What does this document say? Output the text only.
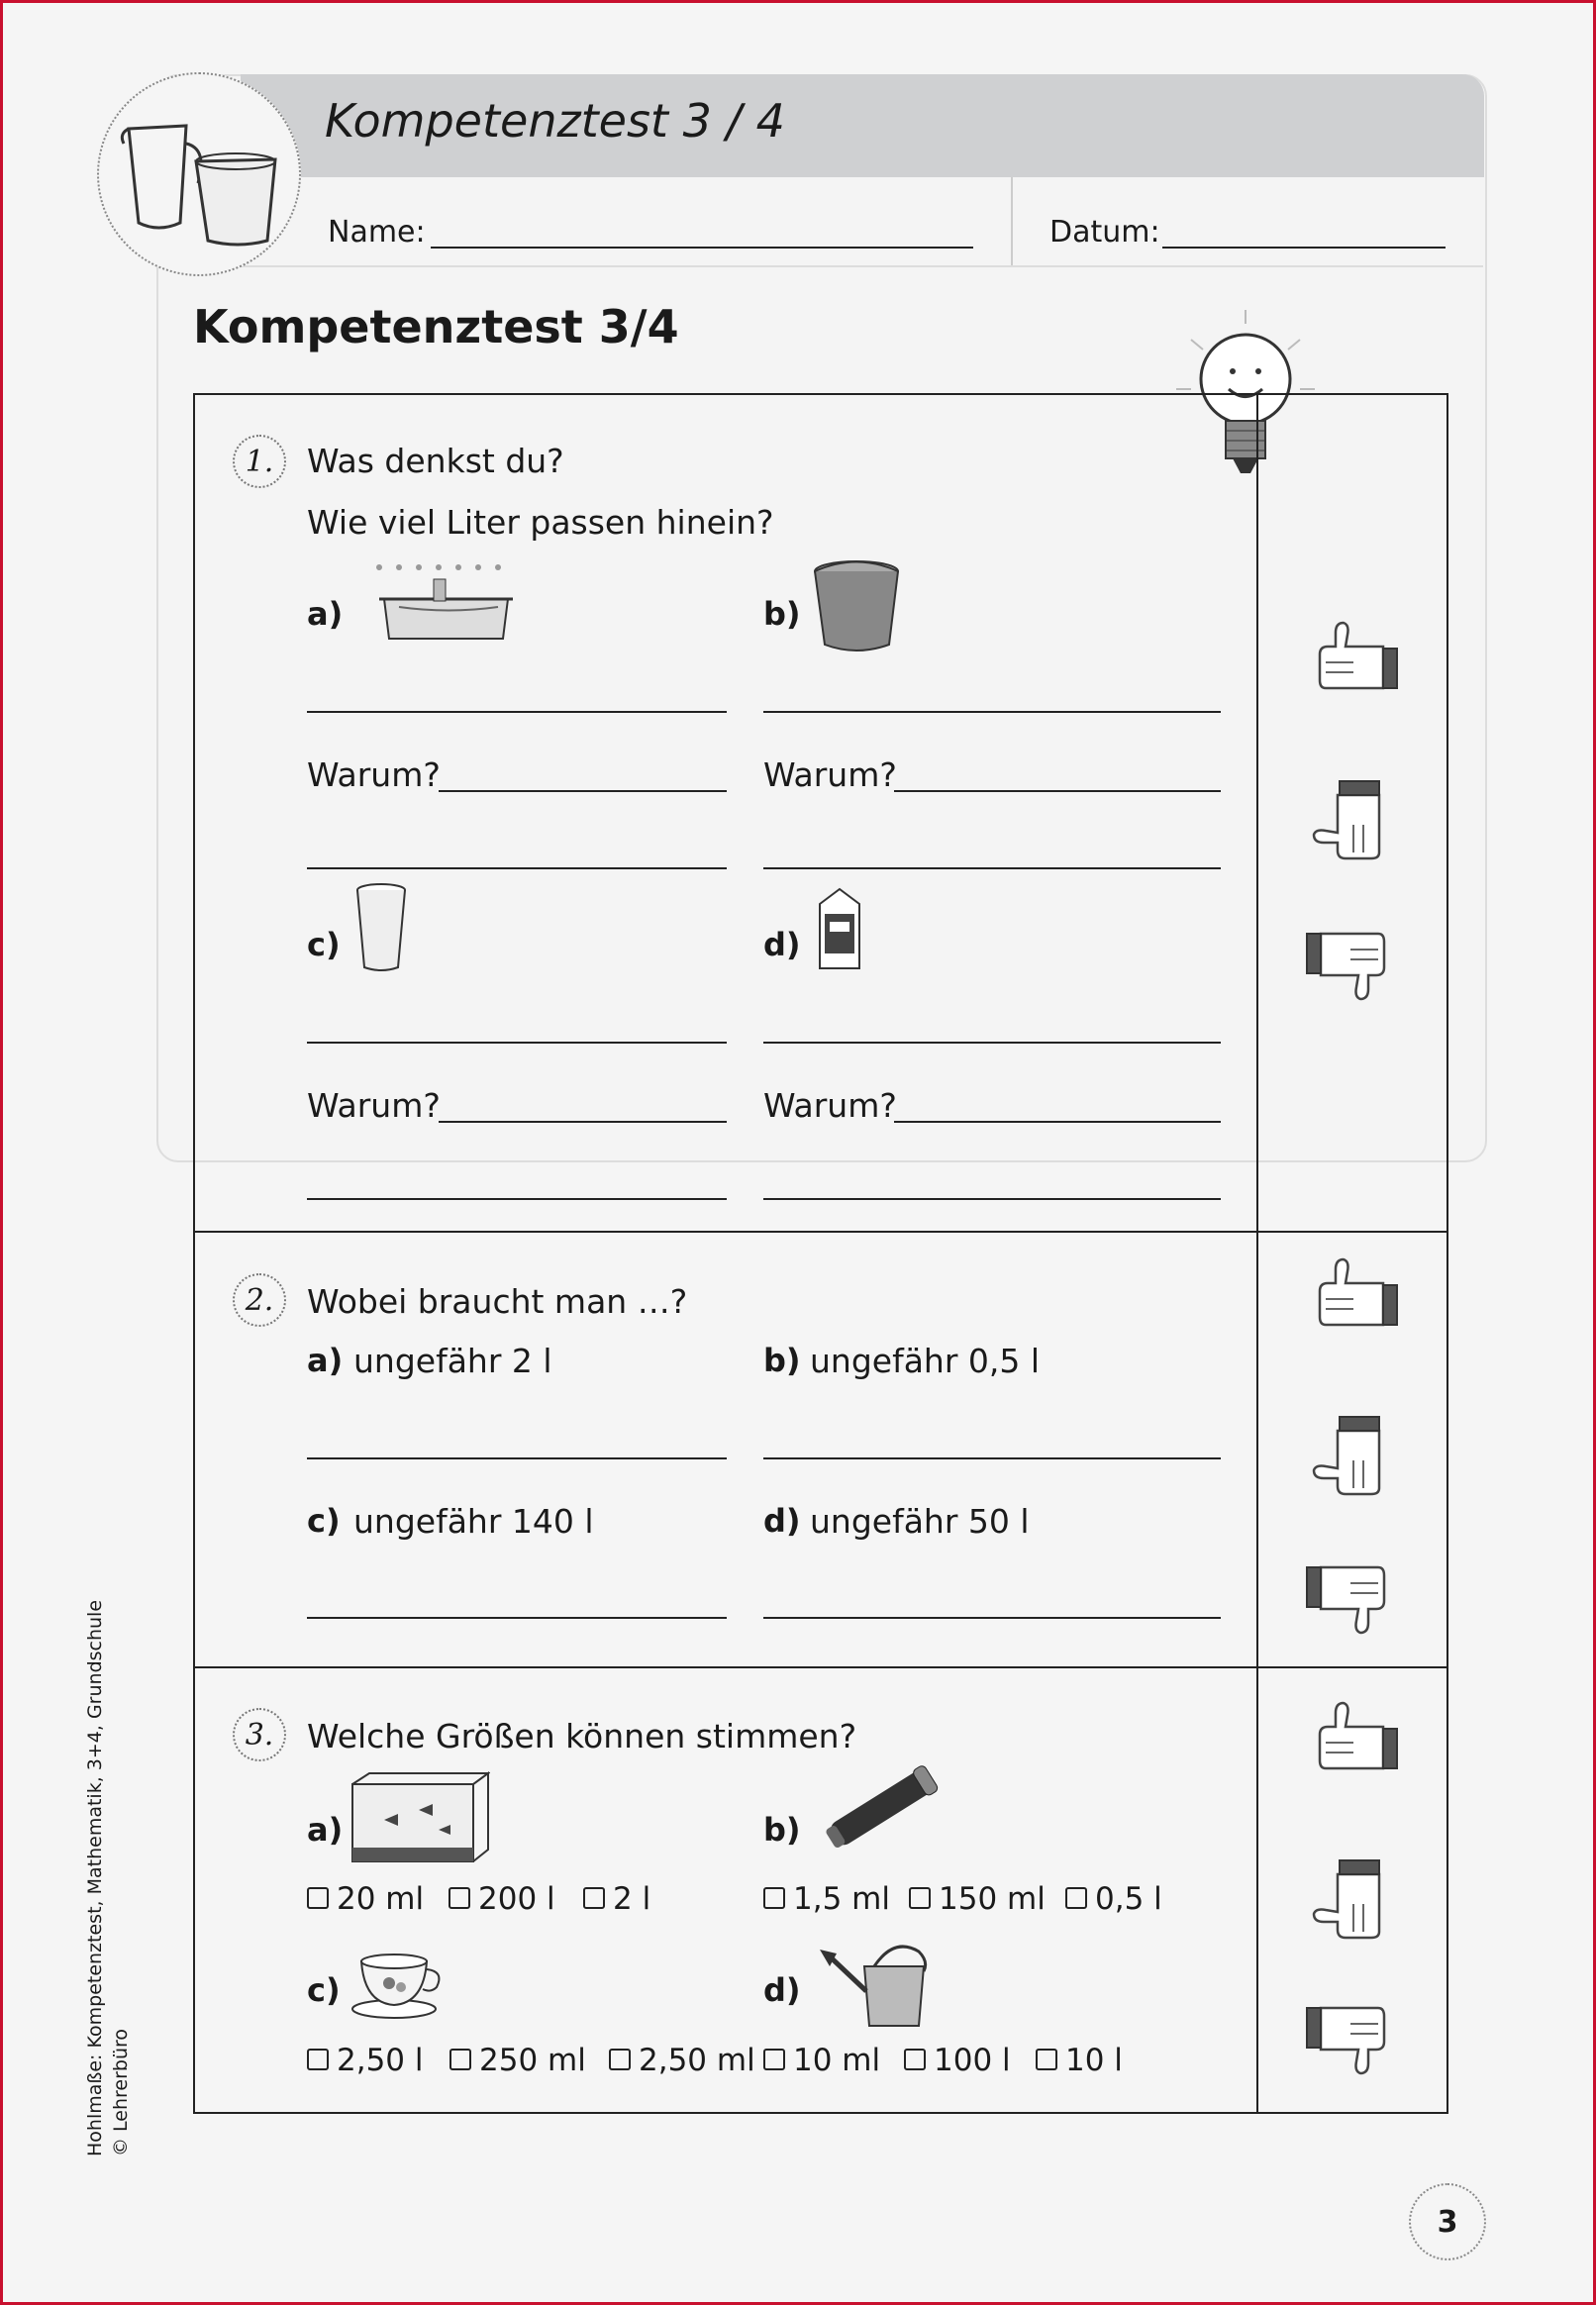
Kompetenztest 3 / 4
Name:	Datum:
Kompetenztest 3/4
1.	Was denkst du?
Wie viel Liter passen hinein?
a)	b)
Warum?	Warum?
c)	d)
Warum?	Warum?
2.	Wobei braucht man …?
a) ungefähr 2 l	b) ungefähr 0,5 l
c) ungefähr 140 l	d) ungefähr 50 l
3.	Welche Größen können stimmen?
a)	b)
20 ml	200 l	2 l	1,5 ml	150 ml	0,5 l
c)	d)
2,50 l	250 ml	2,50 ml	10 ml	100 l	10 l
Hohlmaße: Kompetenztest, Mathematik, 3+4, Grundschule © Lehrerbüro
3
